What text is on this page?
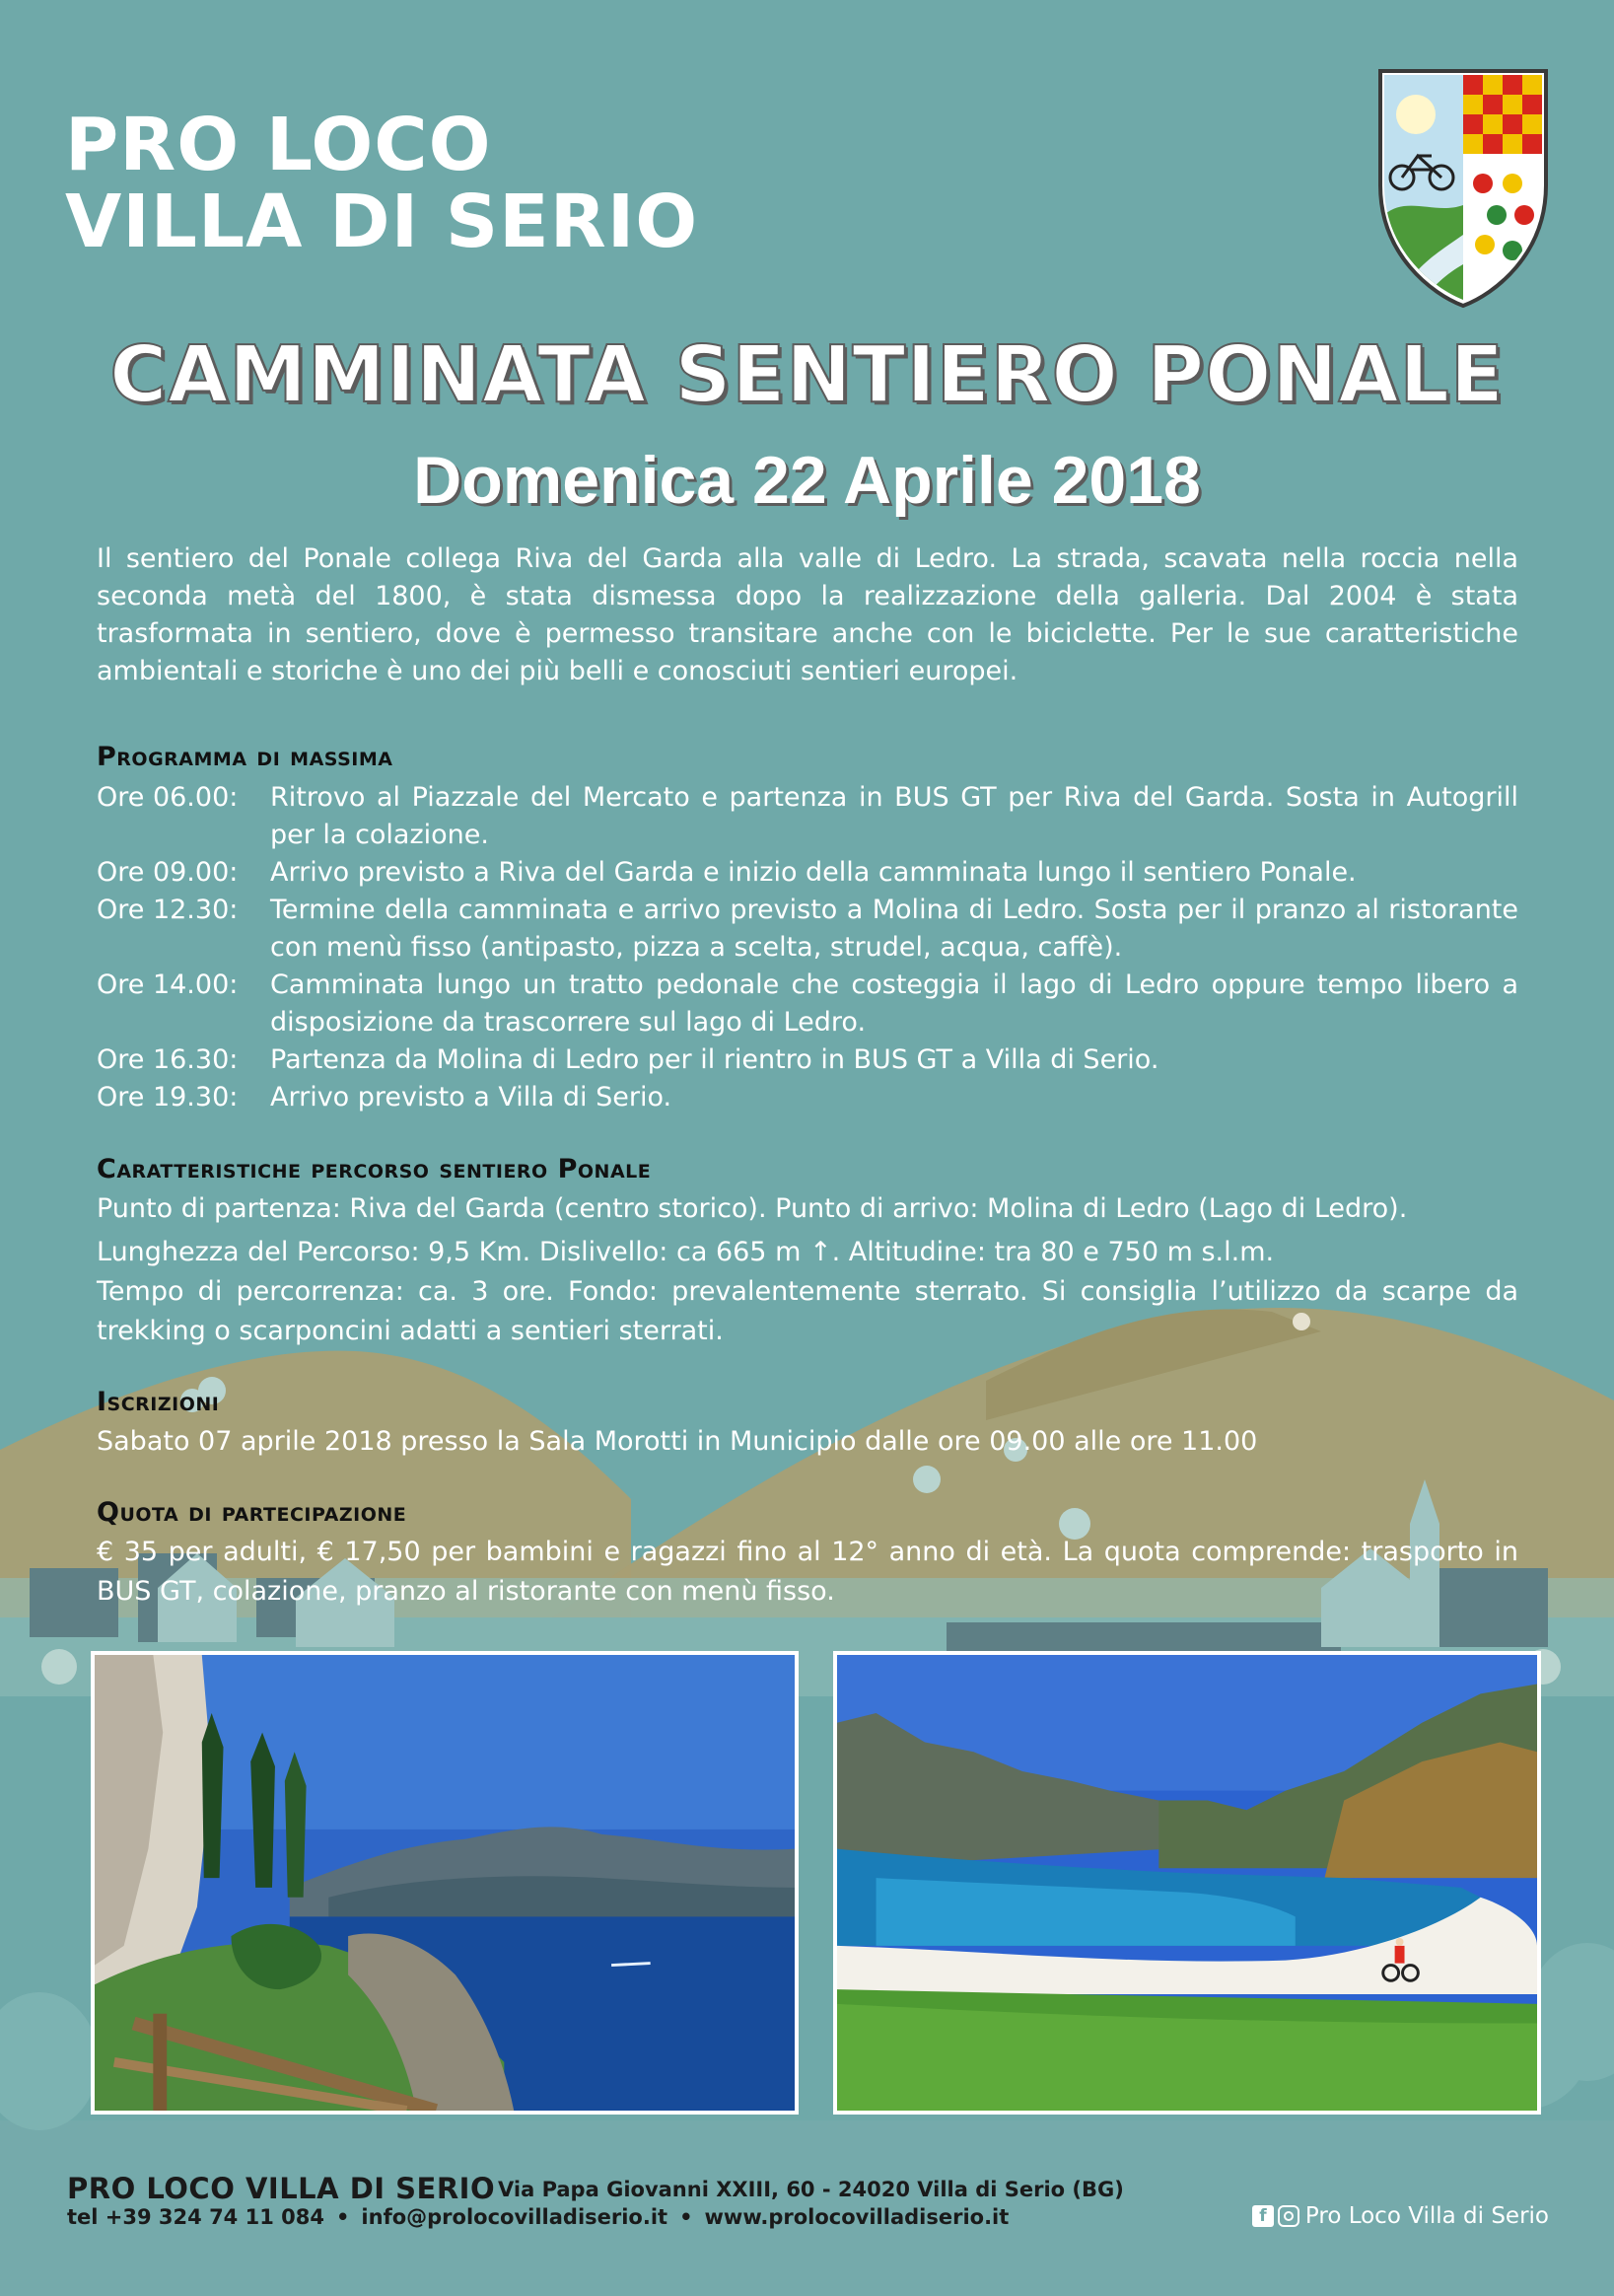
PRO LOCO
VILLA DI SERIO
CAMMINATA SENTIERO PONALE
Domenica 22 Aprile 2018

Il sentiero del Ponale collega Riva del Garda alla valle di Ledro. La strada, scavata nella roccia nella seconda metà del 1800, è stata dismessa dopo la realizzazione della galleria. Dal 2004 è stata trasformata in sentiero, dove è permesso transitare anche con le biciclette. Per le sue caratteristiche ambientali e storiche è uno dei più belli e conosciuti sentieri europei.

Programma di massima
Ore 06.00:	Ritrovo al Piazzale del Mercato e partenza in BUS GT per Riva del Garda. Sosta in Autogrill per la colazione.
Ore 09.00:	Arrivo previsto a Riva del Garda e inizio della camminata lungo il sentiero Ponale.
Ore 12.30:	Termine della camminata e arrivo previsto a Molina di Ledro. Sosta per il pranzo al ristorante con menù fisso (antipasto, pizza a scelta, strudel, acqua, caffè).
Ore 14.00:	Camminata lungo un tratto pedonale che costeggia il lago di Ledro oppure tempo libero a disposizione da trascorrere sul lago di Ledro.
Ore 16.30:	Partenza da Molina di Ledro per il rientro in BUS GT a Villa di Serio.
Ore 19.30:	Arrivo previsto a Villa di Serio.
Caratteristiche percorso sentiero Ponale

Punto di partenza: Riva del Garda (centro storico). Punto di arrivo: Molina di Ledro (Lago di Ledro).

Lunghezza del Percorso: 9,5 Km. Dislivello: ca 665 m ↑. Altitudine: tra 80 e 750 m s.l.m.

Tempo di percorrenza: ca. 3 ore. Fondo: prevalentemente sterrato. Si consiglia l’utilizzo da scarpe da trekking o scarponcini adatti a sentieri sterrati.

Iscrizioni

Sabato 07 aprile 2018 presso la Sala Morotti in Municipio dalle ore 09.00 alle ore 11.00

Quota di partecipazione

€ 35 per adulti, € 17,50 per bambini e ragazzi fino al 12° anno di età. La quota comprende: trasporto in BUS GT, colazione, pranzo al ristorante con menù fisso.

PRO LOCO VILLA DI SERIO Via Papa Giovanni XXIII, 60 - 24020 Villa di Serio (BG)
tel +39 324 74 11 084 • info@prolocovilladiserio.it • www.prolocovilladiserio.it	f	Pro Loco Villa di Serio
